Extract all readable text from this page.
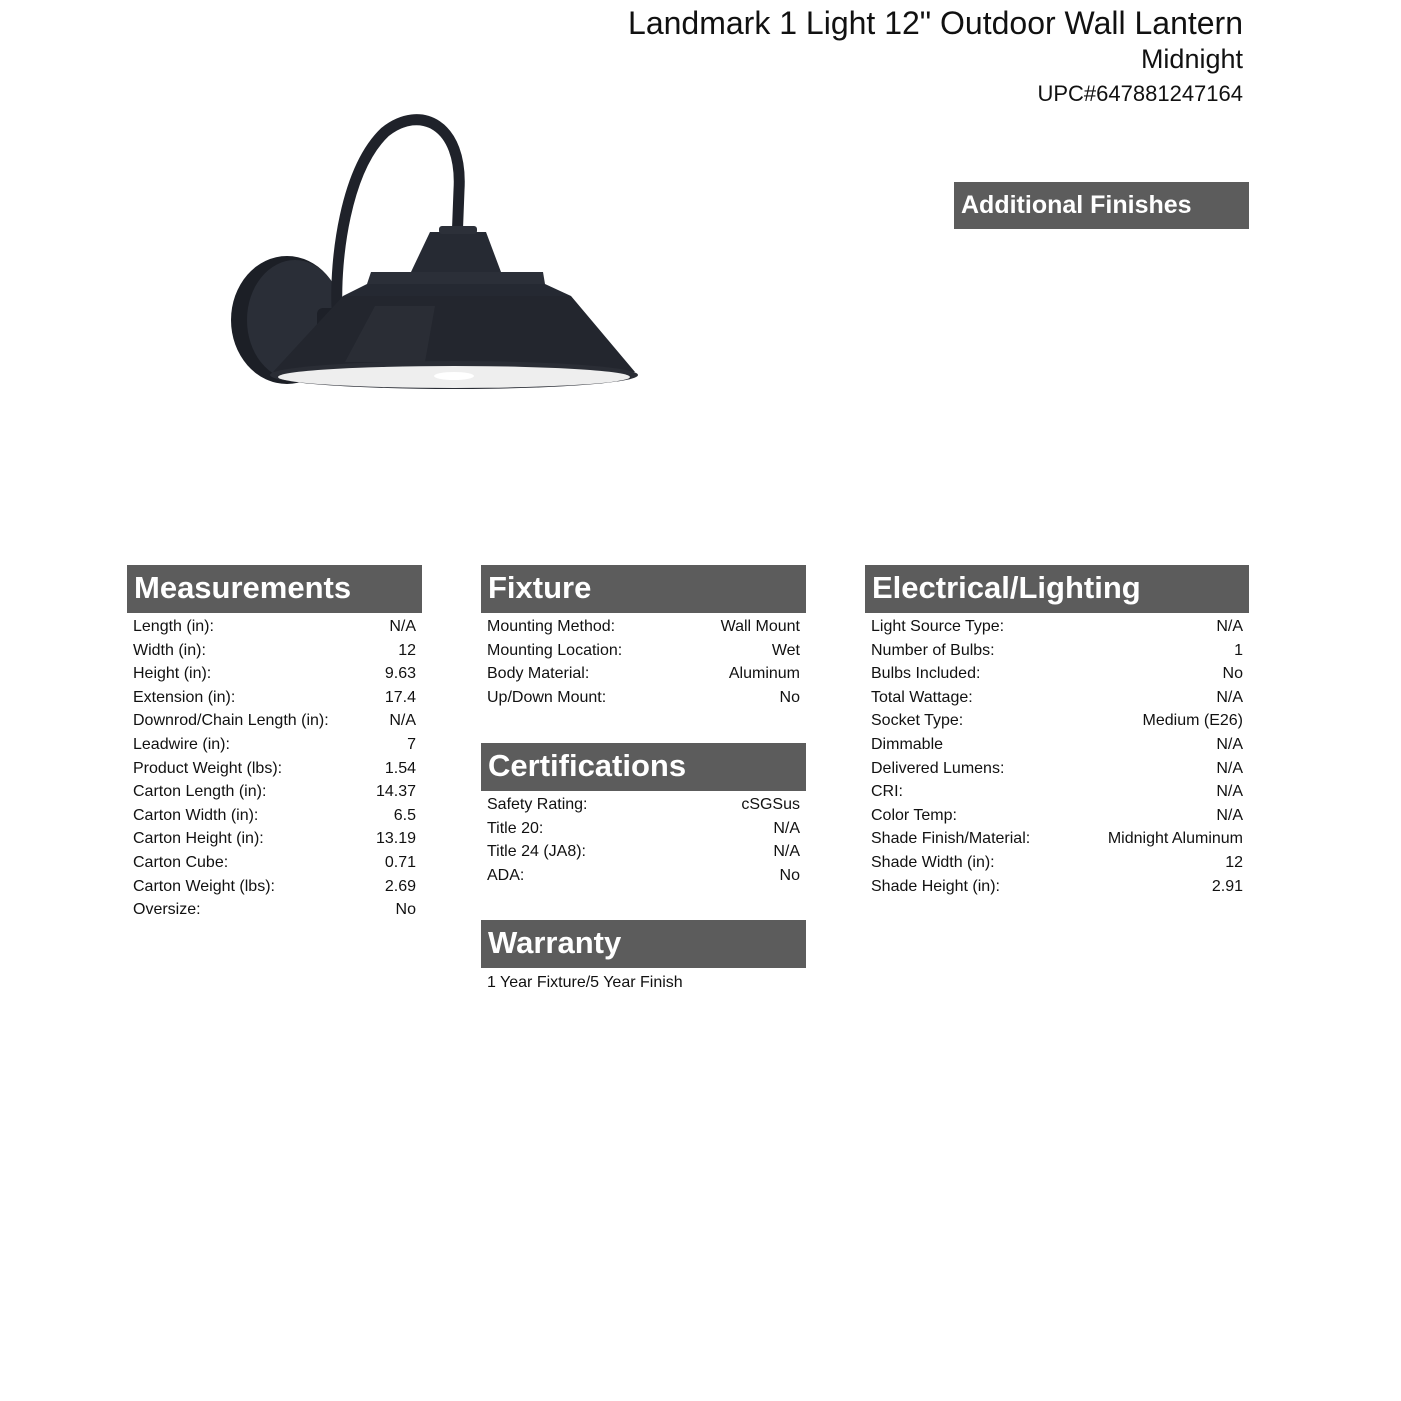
Landmark 1 Light 12" Outdoor Wall Lantern
Midnight
UPC#647881247164
Additional Finishes
Measurements
Length (in):	N/A
Width (in):	12
Height (in):	9.63
Extension (in):	17.4
Downrod/Chain Length (in):	N/A
Leadwire (in):	7
Product Weight (lbs):	1.54
Carton Length (in):	14.37
Carton Width (in):	6.5
Carton Height (in):	13.19
Carton Cube:	0.71
Carton Weight (lbs):	2.69
Oversize:	No
Fixture
Mounting Method:	Wall Mount
Mounting Location:	Wet
Body Material:	Aluminum
Up/Down Mount:	No
Certifications
Safety Rating:	cSGSus
Title 20:	N/A
Title 24 (JA8):	N/A
ADA:	No
Warranty
1 Year Fixture/5 Year Finish
Electrical/Lighting
Light Source Type:	N/A
Number of Bulbs:	1
Bulbs Included:	No
Total Wattage:	N/A
Socket Type:	Medium (E26)
Dimmable	N/A
Delivered Lumens:	N/A
CRI:	N/A
Color Temp:	N/A
Shade Finish/Material:	Midnight Aluminum
Shade Width (in):	12
Shade Height (in):	2.91
